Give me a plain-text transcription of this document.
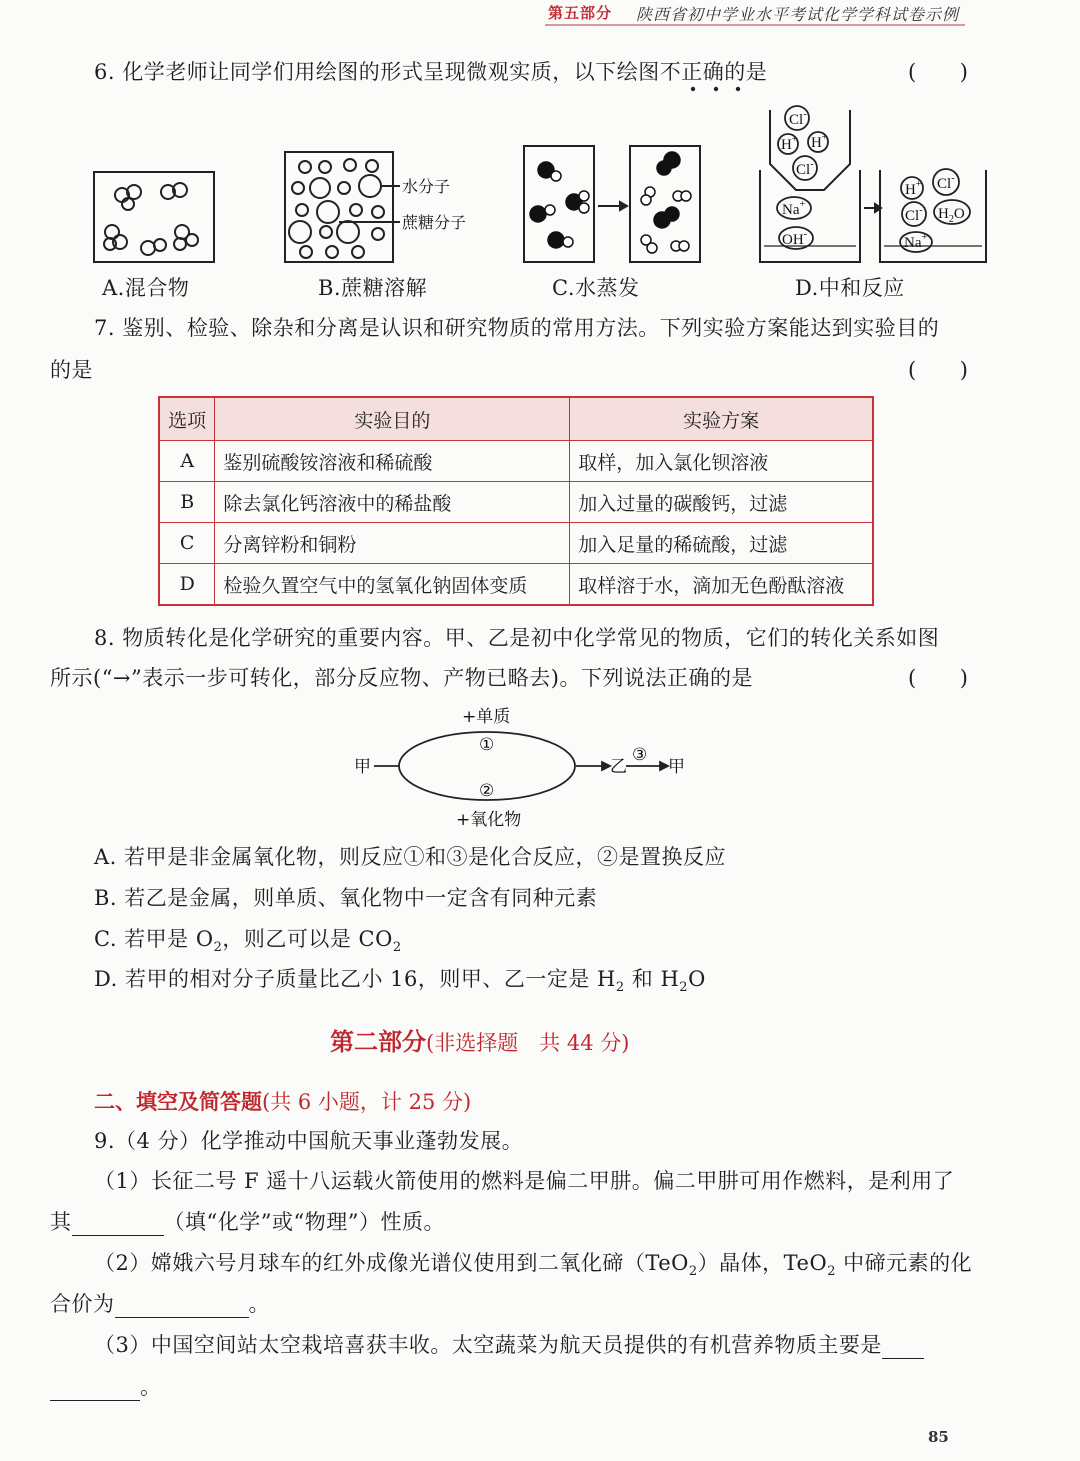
第五部分 陕西省初中学业水平考试化学学科试卷示例
6. 化学老师让同学们用绘图的形式呈现微观实质，以下绘图不正确的是	(　　)
Cl-
H+ H+
Cl-
Na+
OH-
H+ Cl-
Cl- $H_2O$
Na+
水分子
蔗糖分子
A.混合物	B.蔗糖溶解	C.水蒸发	D.中和反应
7. 鉴别、检验、除杂和分离是认识和研究物质的常用方法。下列实验方案能达到实验目的
的是	(　　)
选项	实验目的	实验方案
A	鉴别硫酸铵溶液和稀硫酸	取样，加入氯化钡溶液
B	除去氯化钙溶液中的稀盐酸	加入过量的碳酸钙，过滤
C	分离锌粉和铜粉	加入足量的稀硫酸，过滤
D	检验久置空气中的氢氧化钠固体变质	取样溶于水，滴加无色酚酞溶液
8. 物质转化是化学研究的重要内容。甲、乙是初中化学常见的物质，它们的转化关系如图
所示(“→”表示一步可转化，部分反应物、产物已略去)。下列说法正确的是	(　　)
+单质
①
②
+氧化物
甲	乙
③
甲
A. 若甲是非金属氧化物，则反应①和③是化合反应，②是置换反应
B. 若乙是金属，则单质、氧化物中一定含有同种元素
C. 若甲是 $O_2$，则乙可以是 $CO_2$
D. 若甲的相对分子质量比乙小 16，则甲、乙一定是 $H_2$ 和 $H_2O$
第二部分(非选择题　共 44 分)
二、填空及简答题(共 6 小题，计 25 分)
9.（4 分）化学推动中国航天事业蓬勃发展。
（1）长征二号 F 遥十八运载火箭使用的燃料是偏二甲肼。偏二甲肼可用作燃料，是利用了
其	（填“化学”或“物理”）性质。
（2）嫦娥六号月球车的红外成像光谱仪使用到二氧化碲（TeO$_2$）晶体，TeO$_2$ 中碲元素的化
合价为	。
（3）中国空间站太空栽培喜获丰收。太空蔬菜为航天员提供的有机营养物质主要是
。
85
